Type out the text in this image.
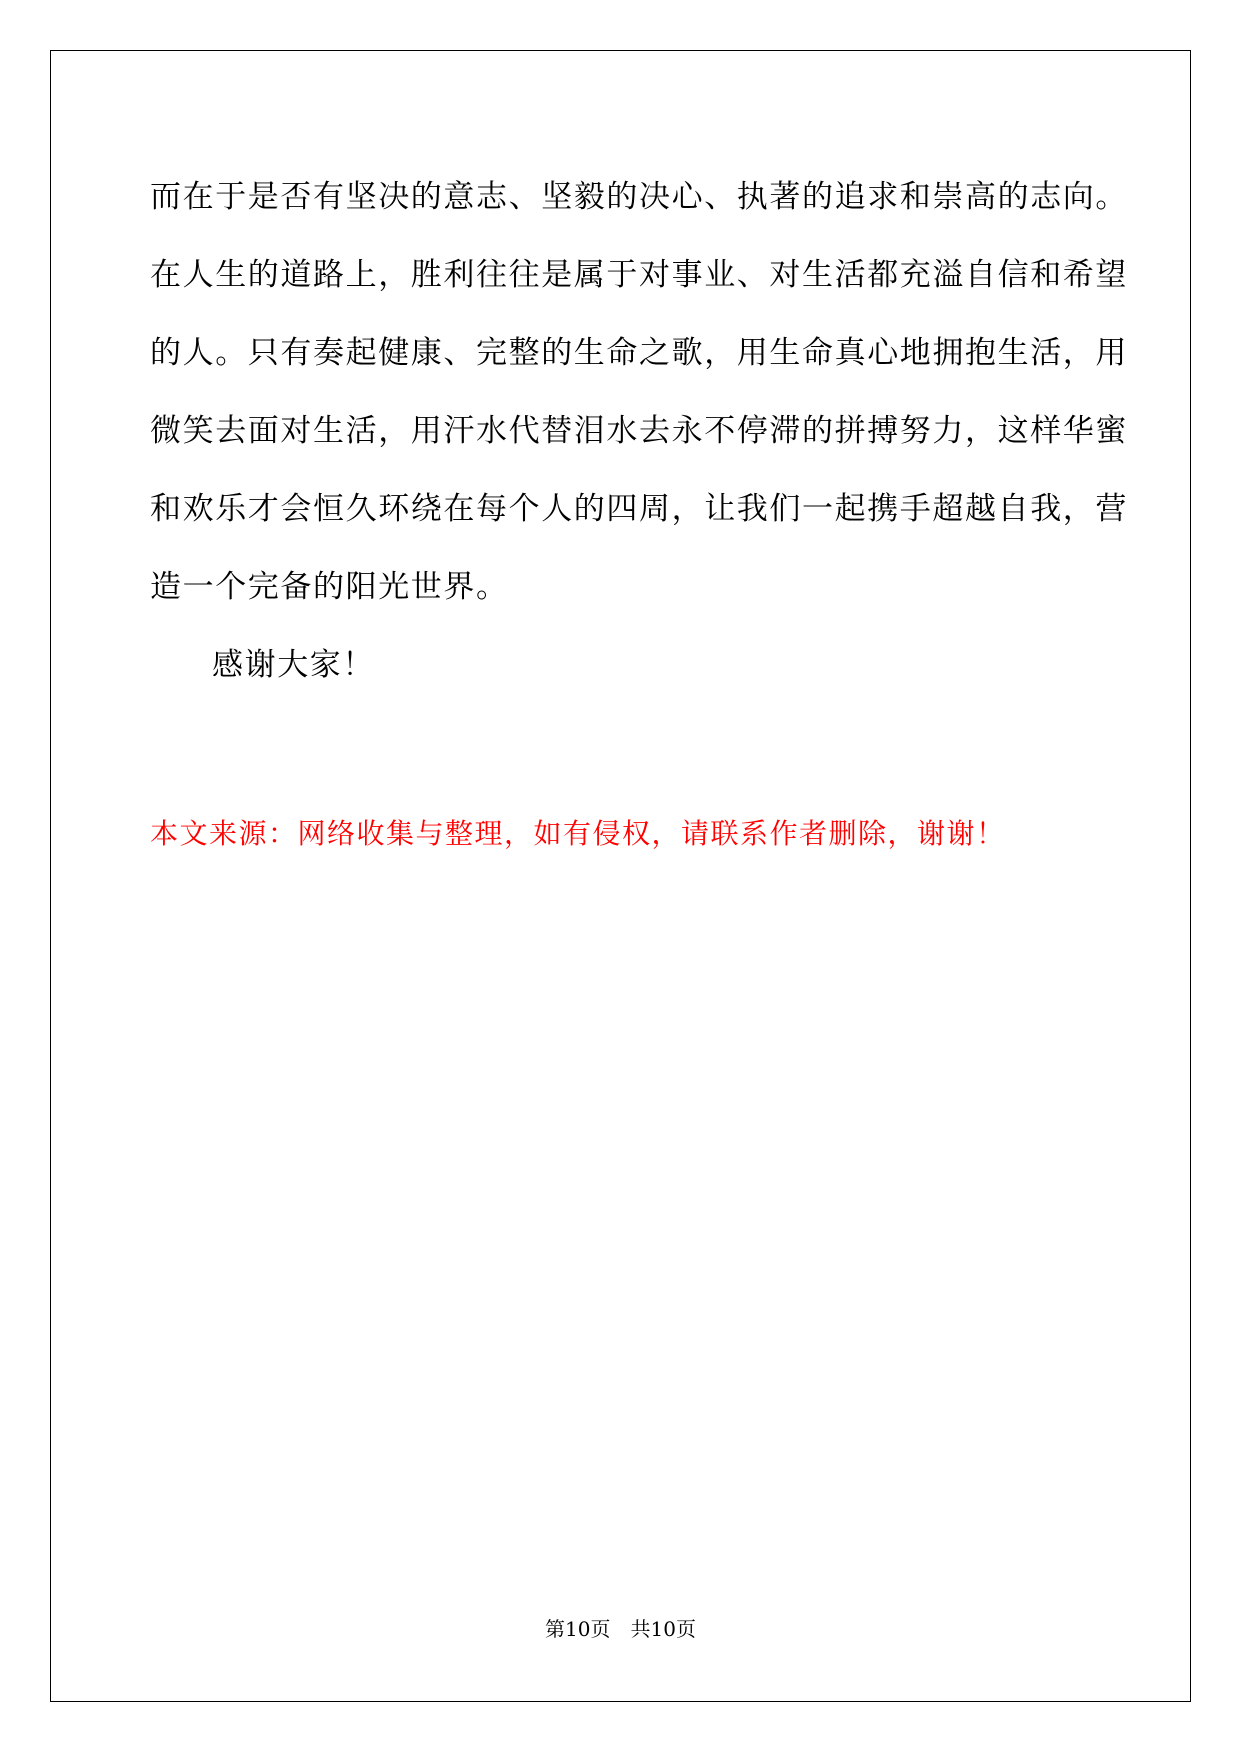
而在于是否有坚决的意志、坚毅的决心、执著的追求和崇高的志向。
在人生的道路上，胜利往往是属于对事业、对生活都充溢自信和希望
的人。只有奏起健康、完整的生命之歌，用生命真心地拥抱生活，用
微笑去面对生活，用汗水代替泪水去永不停滞的拼搏努力，这样华蜜
和欢乐才会恒久环绕在每个人的四周，让我们一起携手超越自我，营
造一个完备的阳光世界。
感谢大家！
本文来源：网络收集与整理，如有侵权，请联系作者删除，谢谢！
第10页 共10页
